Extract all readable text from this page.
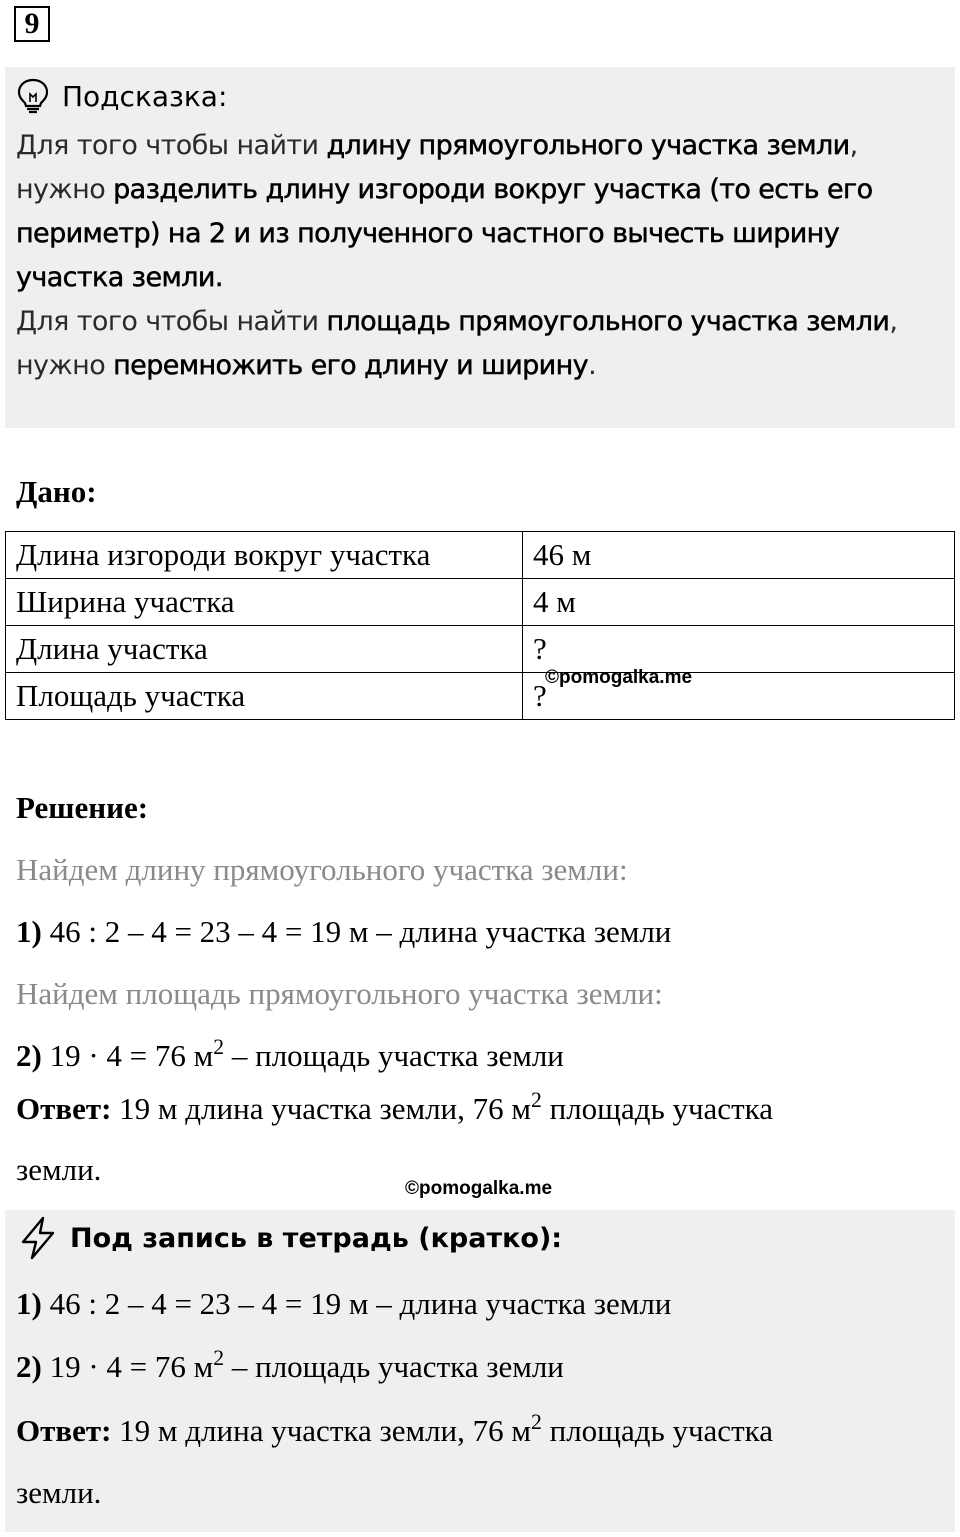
9
Подсказка:

Для того чтобы найти длину прямоугольного участка земли, нужно разделить длину изгороди вокруг участка (то есть его периметр) на 2 и из полученного частного вычесть ширину участка земли.

Для того чтобы найти площадь прямоугольного участка земли, нужно перемножить его длину и ширину.

Дано:
Длина изгороди вокруг участка	46 м
Ширина участка	4 м
Длина участка	?
Площадь участка	?
©pomogalka.me
Решение:
Найдем длину прямоугольного участка земли:
1) 46 : 2 – 4 = 23 – 4 = 19 м – длина участка земли
Найдем площадь прямоугольного участка земли:
2) 19 · 4 = 76 $м^2$ – площадь участка земли
Ответ: 19 м длина участка земли, 76 $м^2$ площадь участка
земли.
©pomogalka.me
Под запись в тетрадь (кратко):
1) 46 : 2 – 4 = 23 – 4 = 19 м – длина участка земли
2) 19 · 4 = 76 $м^2$ – площадь участка земли
Ответ: 19 м длина участка земли, 76 $м^2$ площадь участка
земли.
